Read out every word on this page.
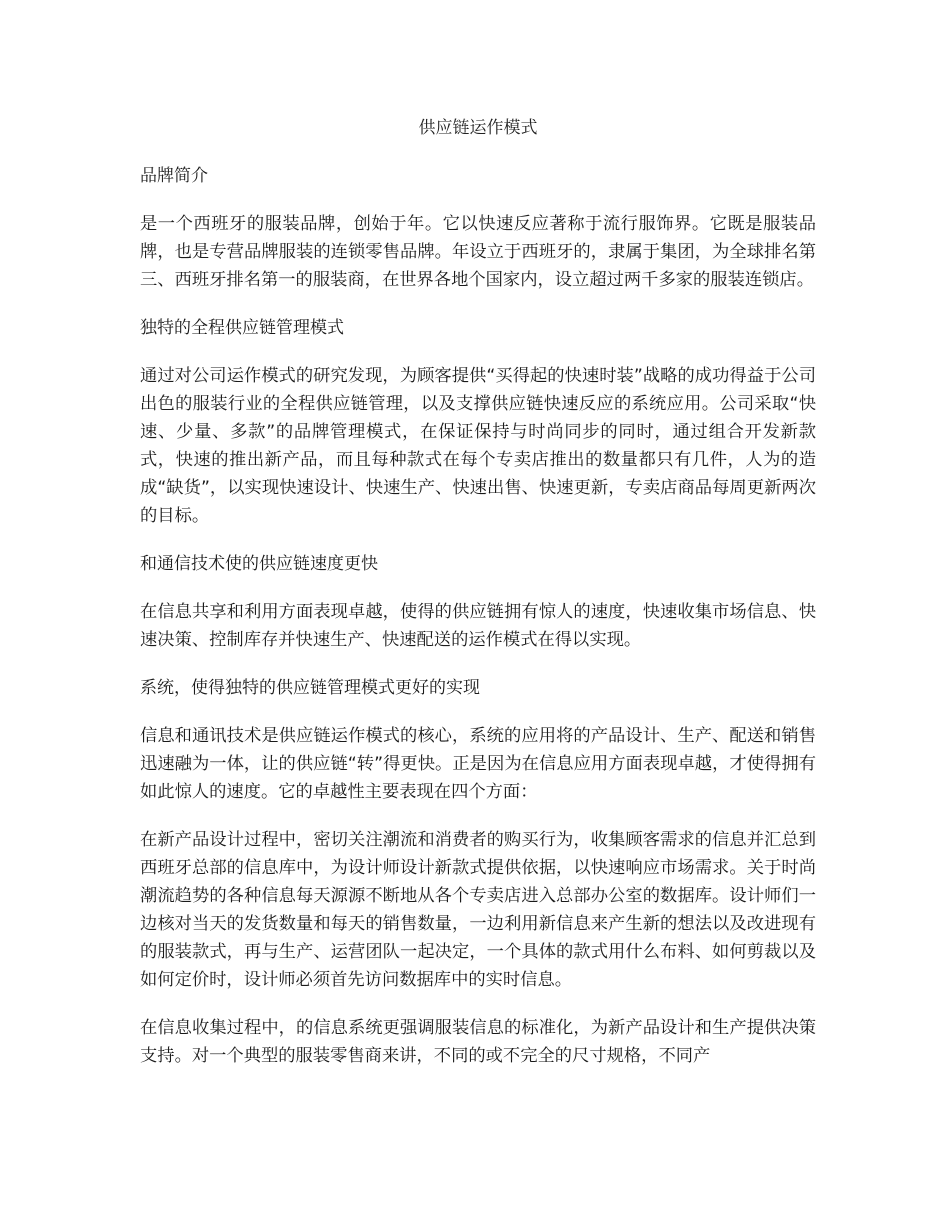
供应链运作模式

品牌简介

是一个西班牙的服装品牌，创始于年。它以快速反应著称于流行服饰界。它既是服装品牌，也是专营品牌服装的连锁零售品牌。年设立于西班牙的，隶属于集团，为全球排名第三、西班牙排名第一的服装商，在世界各地个国家内，设立超过两千多家的服装连锁店。

独特的全程供应链管理模式

通过对公司运作模式的研究发现，为顾客提供“买得起的快速时装”战略的成功得益于公司出色的服装行业的全程供应链管理，以及支撑供应链快速反应的系统应用。公司采取“快速、少量、多款”的品牌管理模式，在保证保持与时尚同步的同时，通过组合开发新款式，快速的推出新产品，而且每种款式在每个专卖店推出的数量都只有几件，人为的造成“缺货”，以实现快速设计、快速生产、快速出售、快速更新，专卖店商品每周更新两次的目标。

和通信技术使的供应链速度更快

在信息共享和利用方面表现卓越，使得的供应链拥有惊人的速度，快速收集市场信息、快速决策、控制库存并快速生产、快速配送的运作模式在得以实现。

系统，使得独特的供应链管理模式更好的实现

信息和通讯技术是供应链运作模式的核心，系统的应用将的产品设计、生产、配送和销售迅速融为一体，让的供应链“转”得更快。正是因为在信息应用方面表现卓越，才使得拥有如此惊人的速度。它的卓越性主要表现在四个方面：

在新产品设计过程中，密切关注潮流和消费者的购买行为，收集顾客需求的信息并汇总到西班牙总部的信息库中，为设计师设计新款式提供依据，以快速响应市场需求。关于时尚潮流趋势的各种信息每天源源不断地从各个专卖店进入总部办公室的数据库。设计师们一边核对当天的发货数量和每天的销售数量，一边利用新信息来产生新的想法以及改进现有的服装款式，再与生产、运营团队一起决定，一个具体的款式用什么布料、如何剪裁以及如何定价时，设计师必须首先访问数据库中的实时信息。

在信息收集过程中，的信息系统更强调服装信息的标准化，为新产品设计和生产提供决策支持。对一个典型的服装零售商来讲，不同的或不完全的尺寸规格，不同产
